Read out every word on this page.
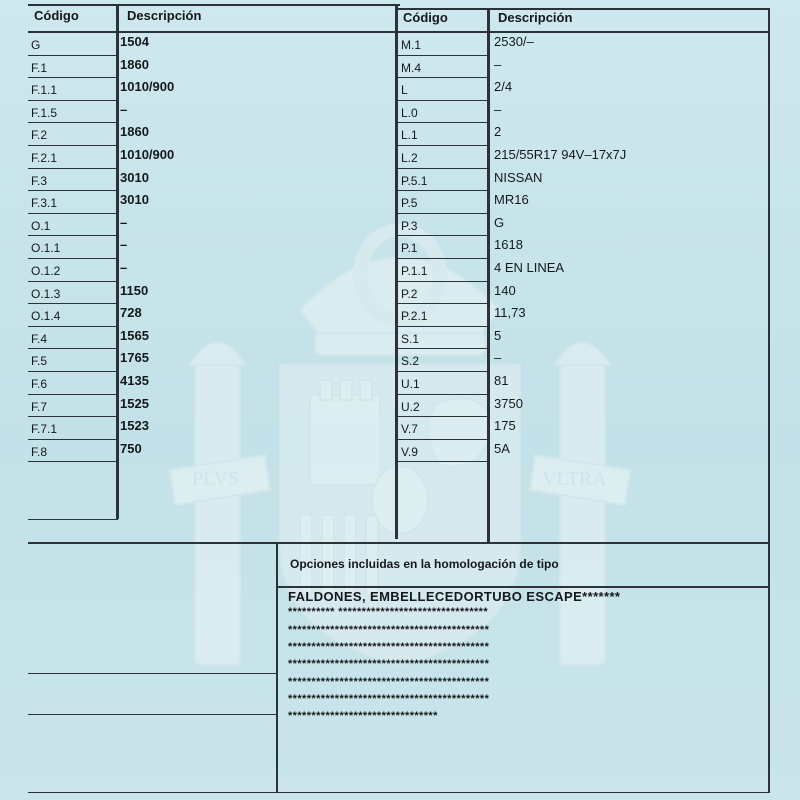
PLVS	VLTRA
Código	Descripción	Código	Descripción
G	1504
F.1	1860
F.1.1	1010/900
F.1.5	–
F.2	1860
F.2.1	1010/900
F.3	3010
F.3.1	3010
O.1	–
O.1.1	–
O.1.2	–
O.1.3	1150
O.1.4	728
F.4	1565
F.5	1765
F.6	4135
F.7	1525
F.7.1	1523
F.8	750
M.1	2530/–
M.4	–
L	2/4
L.0	–
L.1	2
L.2	215/55R17 94V–17x7J
P.5.1	NISSAN
P.5	MR16
P.3	G
P.1	1618
P.1.1	4 EN LINEA
P.2	140
P.2.1	11,73
S.1	5
S.2	–
U.1	81
U.2	3750
V.7	175
V.9	5A
Opciones incluidas en la homologación de tipo
FALDONES, EMBELLECEDORTUBO ESCAPE*******
********** ********************************
*******************************************
*******************************************
*******************************************
*******************************************
*******************************************
********************************
